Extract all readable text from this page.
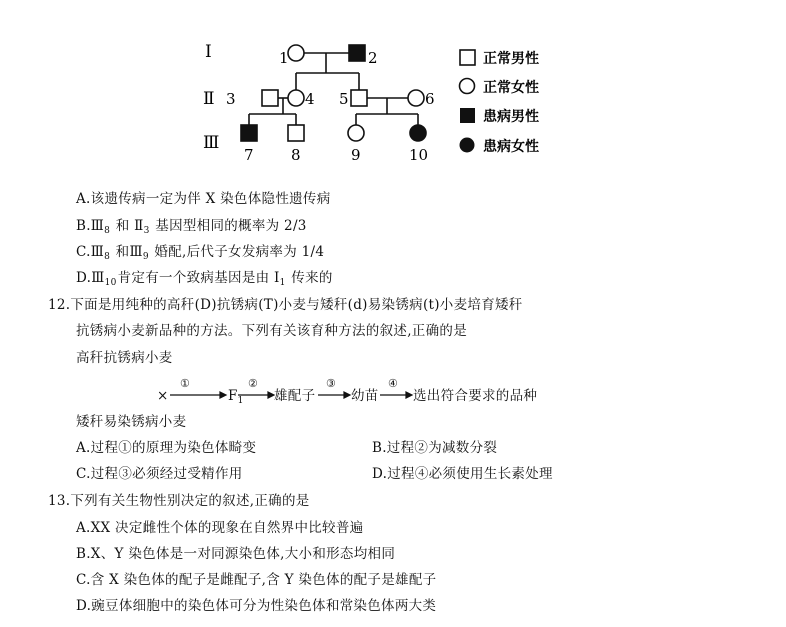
I
Ⅱ
Ⅲ
1	2
3	4 5	6
7 8	9	10
正常男性
正常女性
患病男性
患病女性
A.该遗传病一定为伴 X 染色体隐性遗传病
$B.Ⅲ_8$ 和 $Ⅱ_3$ 基因型相同的概率为 2/3
$C.Ⅲ_8$ 和$Ⅲ_9$ 婚配,后代子女发病率为 1/4
$D.Ⅲ_{10}$肯定有一个致病基因是由 $I_1$ 传来的
12.下面是用纯种的高秆(D)抗锈病(T)小麦与矮秆(d)易染锈病(t)小麦培育矮秆
抗锈病小麦新品种的方法。下列有关该育种方法的叙述,正确的是
高秆抗锈病小麦
×
①
$F_1$
②
雄配子
③
幼苗
④
选出符合要求的品种
矮秆易染锈病小麦
A.过程①的原理为染色体畸变	B.过程②为减数分裂
C.过程③必须经过受精作用	D.过程④必须使用生长素处理
13.下列有关生物性别决定的叙述,正确的是
A.XX 决定雌性个体的现象在自然界中比较普遍
B.X、Y 染色体是一对同源染色体,大小和形态均相同
C.含 X 染色体的配子是雌配子,含 Y 染色体的配子是雄配子
D.豌豆体细胞中的染色体可分为性染色体和常染色体两大类
